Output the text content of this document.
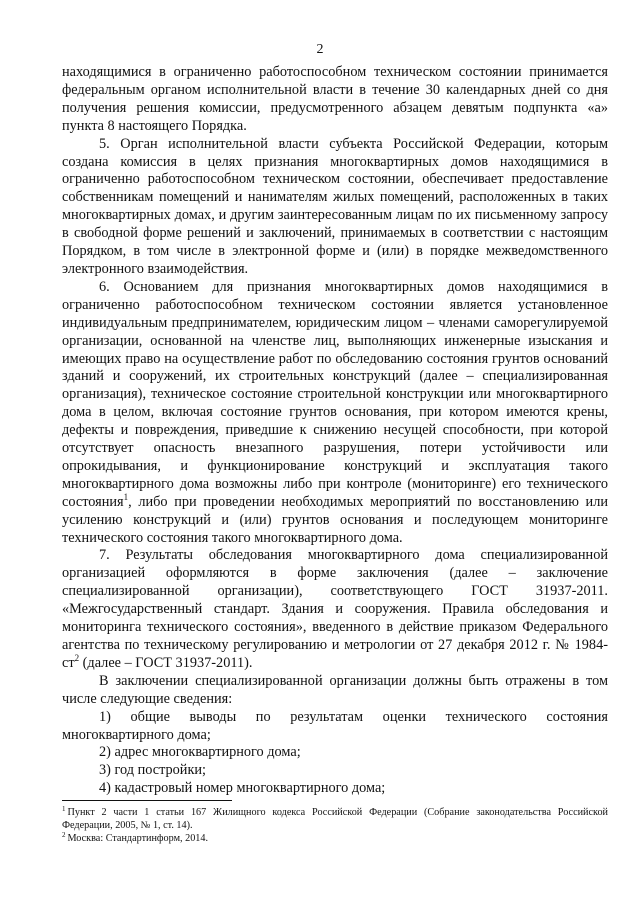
2

находящимися в ограниченно работоспособном техническом состоянии принимается федеральным органом исполнительной власти в течение 30 календарных дней со дня получения решения комиссии, предусмотренного абзацем девятым подпункта «а» пункта 8 настоящего Порядка.

5. Орган исполнительной власти субъекта Российской Федерации, которым создана комиссия в целях признания многоквартирных домов находящимися в ограниченно работоспособном техническом состоянии, обеспечивает предоставление собственникам помещений и нанимателям жилых помещений, расположенных в таких многоквартирных домах, и другим заинтересованным лицам по их письменному запросу в свободной форме решений и заключений, принимаемых в соответствии с настоящим Порядком, в том числе в электронной форме и (или) в порядке межведомственного электронного взаимодействия.

6. Основанием для признания многоквартирных домов находящимися в ограниченно работоспособном техническом состоянии является установленное индивидуальным предпринимателем, юридическим лицом – членами саморегулируемой организации, основанной на членстве лиц, выполняющих инженерные изыскания и имеющих право на осуществление работ по обследованию состояния грунтов оснований зданий и сооружений, их строительных конструкций (далее – специализированная организация), техническое состояние строительной конструкции или многоквартирного дома в целом, включая состояние грунтов основания, при котором имеются крены, дефекты и повреждения, приведшие к снижению несущей способности, при которой отсутствует опасность внезапного разрушения, потери устойчивости или опрокидывания, и функционирование конструкций и эксплуатация такого многоквартирного дома возможны либо при контроле (мониторинге) его технического состояния$^1$, либо при проведении необходимых мероприятий по восстановлению или усилению конструкций и (или) грунтов основания и последующем мониторинге технического состояния такого многоквартирного дома.

7. Результаты обследования многоквартирного дома специализированной организацией оформляются в форме заключения (далее – заключение специализированной организации), соответствующего ГОСТ 31937-2011. «Межгосударственный стандарт. Здания и сооружения. Правила обследования и мониторинга технического состояния», введенного в действие приказом Федерального агентства по техническому регулированию и метрологии от 27 декабря 2012 г. № $1984-ст^2$ (далее – ГОСТ 31937-2011).

В заключении специализированной организации должны быть отражены в том числе следующие сведения:

1) общие выводы по результатам оценки технического состояния многоквартирного дома;

2) адрес многоквартирного дома;

3) год постройки;

4) кадастровый номер многоквартирного дома;

$^1$ Пункт 2 части 1 статьи 167 Жилищного кодекса Российской Федерации (Собрание законодательства Российской Федерации, 2005, № 1, ст. 14).

$^2$ Москва: Стандартинформ, 2014.
